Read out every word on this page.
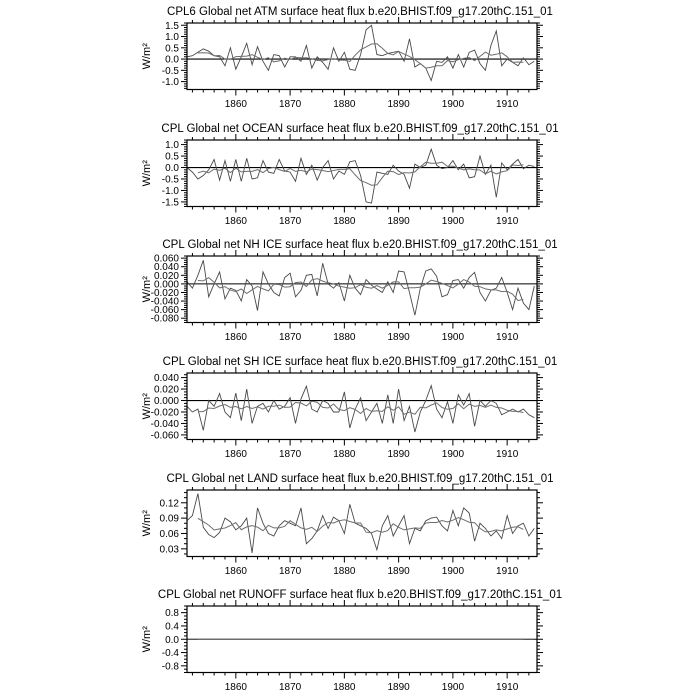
CPL6 Global net ATM surface heat flux b.e20.BHIST.f09_g17.20thC.151_01
W/m²
1860	1870	1880	1890	1900	1910
1.5
1.0
0.5
0.0
-0.5
-1.0
CPL Global net OCEAN surface heat flux b.e20.BHIST.f09_g17.20thC.151_01
W/m²
1860	1870	1880	1890	1900	1910
1.0
0.5
0.0
-0.5
-1.0
-1.5
CPL Global net NH ICE surface heat flux b.e20.BHIST.f09_g17.20thC.151_01
W/m²
1860	1870	1880	1890	1900	1910
0.060
0.040
0.020
0.000
-0.020
-0.040
-0.060
-0.080
CPL Global net SH ICE surface heat flux b.e20.BHIST.f09_g17.20thC.151_01
W/m²
1860	1870	1880	1890	1900	1910
0.040
0.020
0.000
-0.020
-0.040
-0.060
CPL Global net LAND surface heat flux b.e20.BHIST.f09_g17.20thC.151_01
W/m²
1860	1870	1880	1890	1900	1910
0.12
0.09
0.06
0.03
CPL Global net RUNOFF surface heat flux b.e20.BHIST.f09_g17.20thC.151_01
W/m²
1860	1870	1880	1890	1900	1910
0.8
0.4
0.0
-0.4
-0.8
